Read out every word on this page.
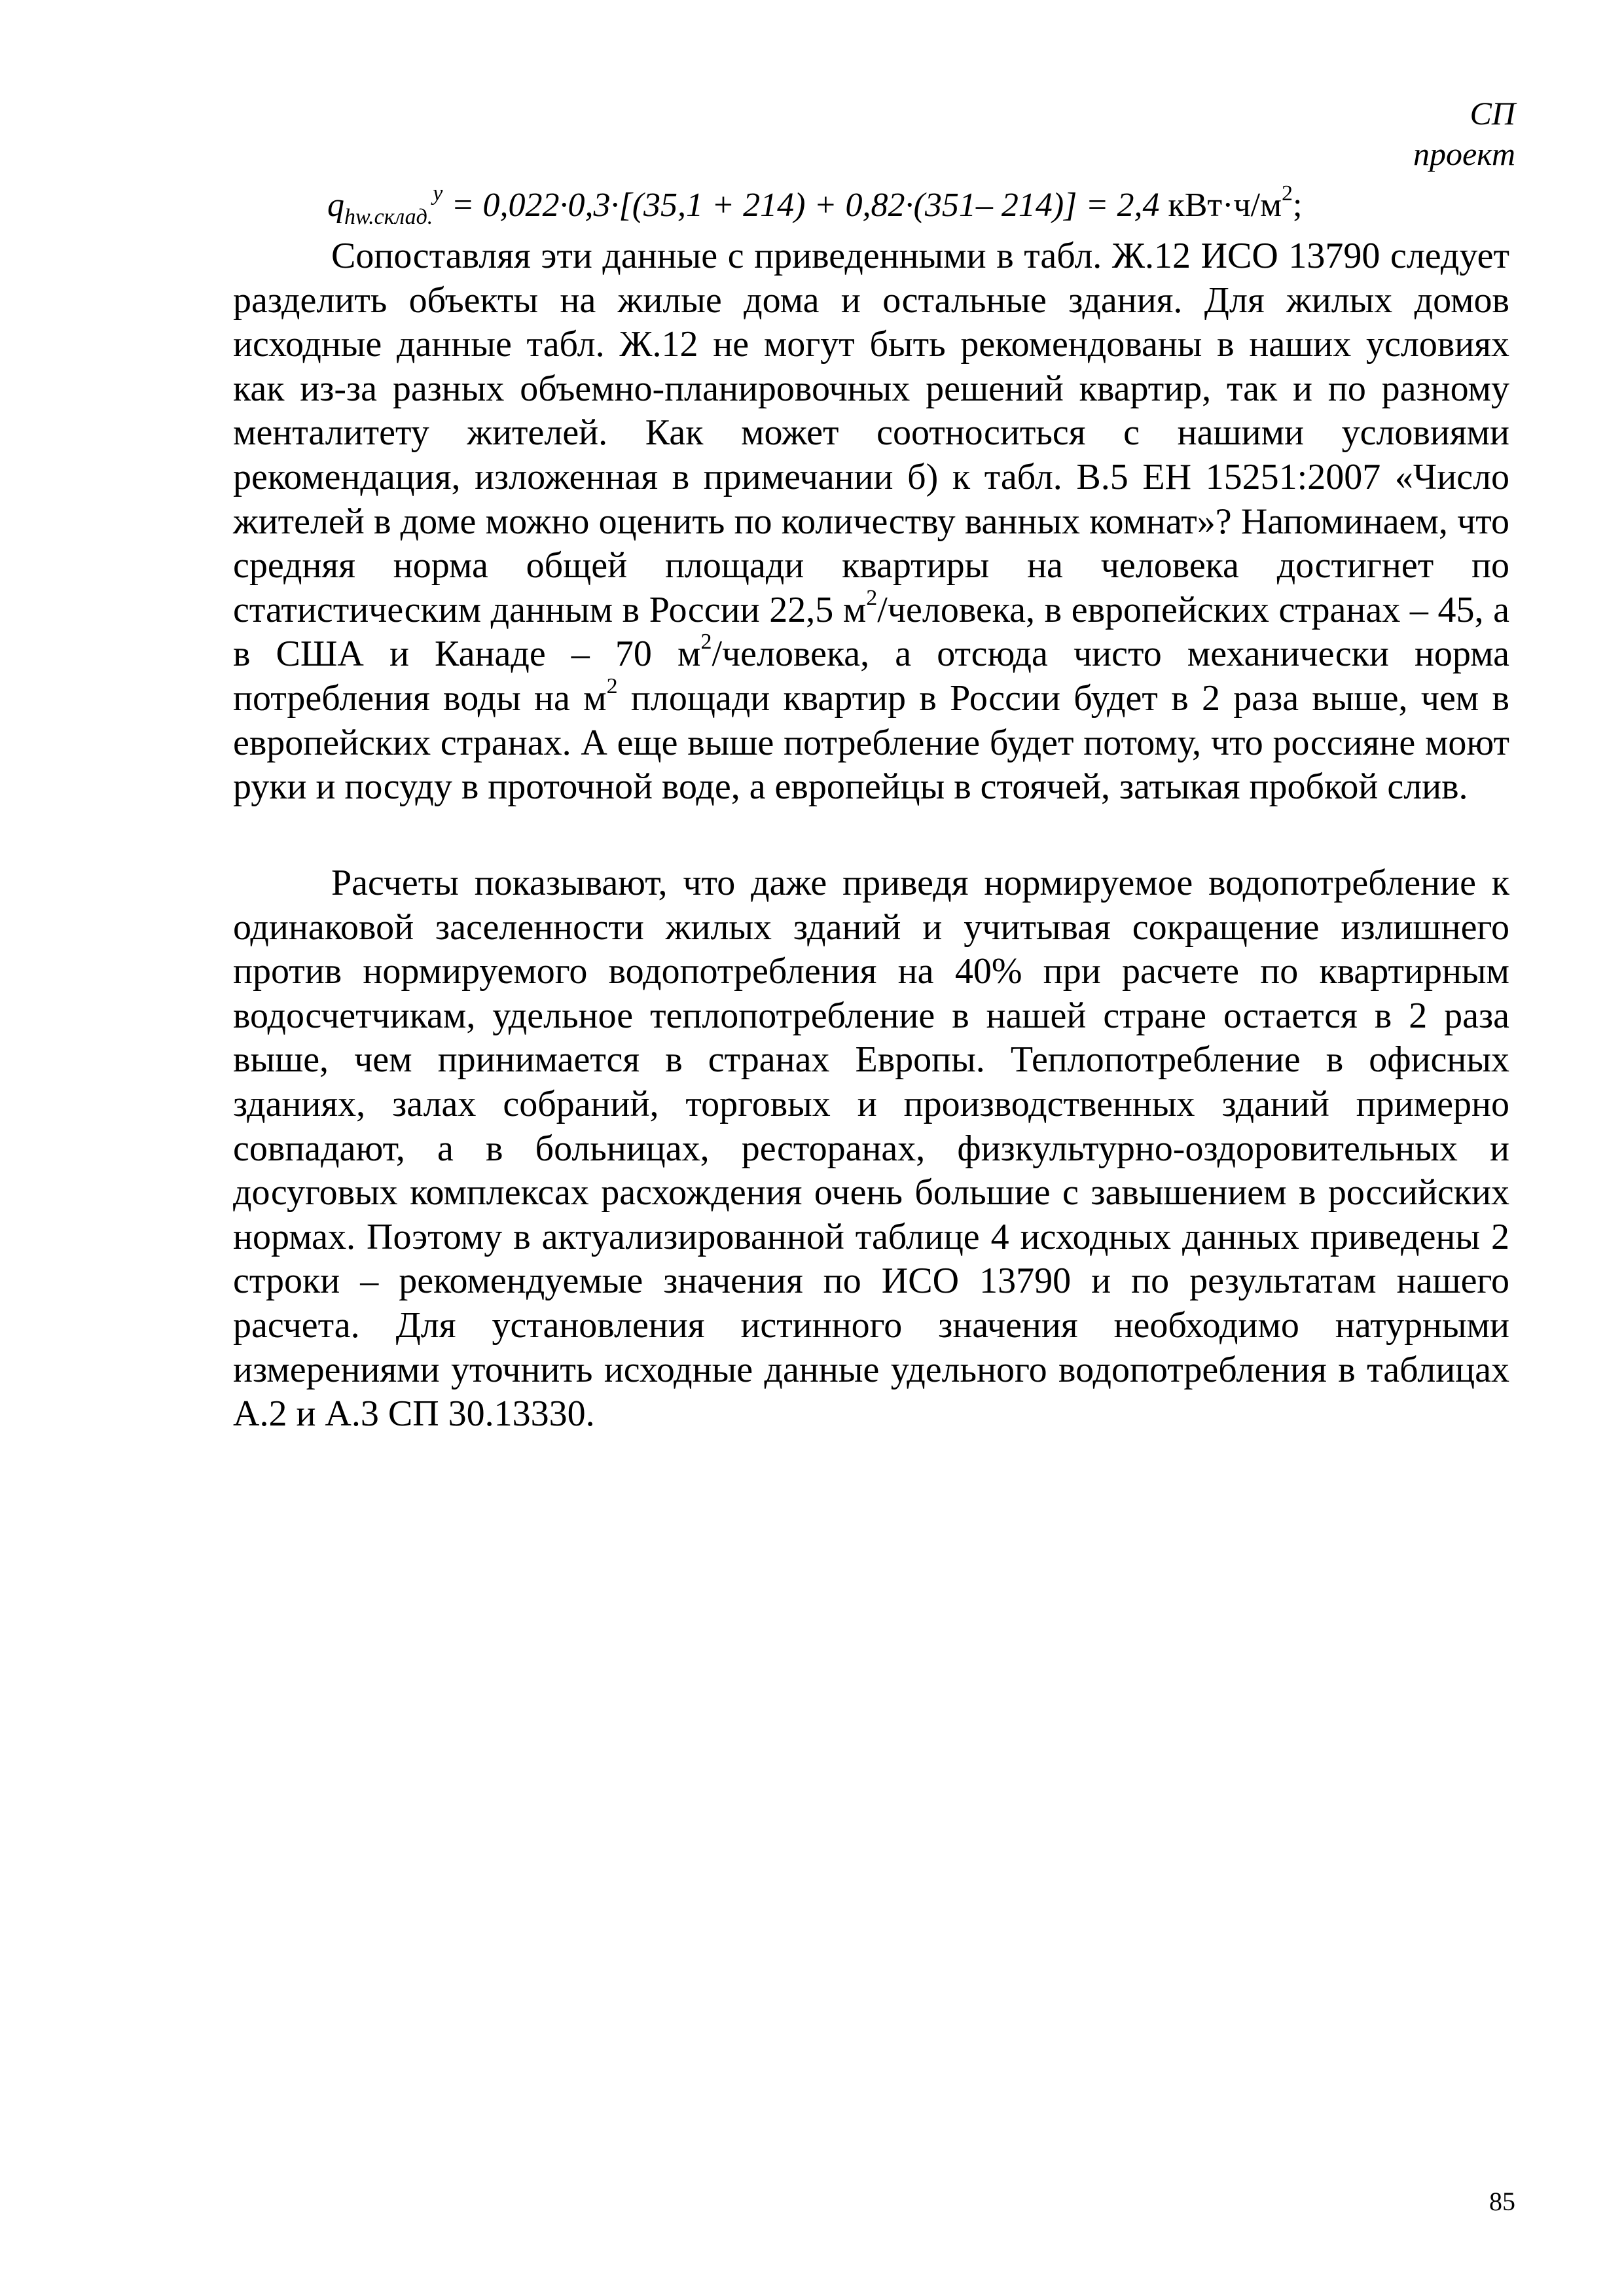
СП
проект
$q_{hw.склад.}^у = 0,022\cdot 0,3\cdot[(35,1 + 214) + 0,82\cdot(351-$ 214)] = 2,4 $кВт\cdot ч/м^2$;

Сопоставляя эти данные с приведенными в табл. Ж.12 ИСО 13790 следует разделить объекты на жилые дома и остальные здания. Для жилых домов исходные данные табл. Ж.12 не могут быть рекомендованы в наших условиях как из-за разных объемно-планировочных решений квартир, так и по разному менталитету жителей. Как может соотноситься с нашими условиями рекомендация, изложенная в примечании б) к табл. В.5 ЕН 15251:2007 «Число жителей в доме можно оценить по количеству ванных комнат»? Напоминаем, что средняя норма общей площади квартиры на человека достигнет по статистическим данным в России 22,5 $м^2$/человека, в европейских странах – 45, а в США и Канаде – 70 $м^2$/человека, а отсюда чисто механически норма потребления воды на $м^2$ площади квартир в России будет в 2 раза выше, чем в европейских странах. А еще выше потребление будет потому, что россияне моют руки и посуду в проточной воде, а европейцы в стоячей, затыкая пробкой слив.

Расчеты показывают, что даже приведя нормируемое водопотребление к одинаковой заселенности жилых зданий и учитывая сокращение излишнего против нормируемого водопотребления на 40% при расчете по квартирным водосчетчикам, удельное теплопотребление в нашей стране остается в 2 раза выше, чем принимается в странах Европы. Теплопотребление в офисных зданиях, залах собраний, торговых и производственных зданий примерно совпадают, а в больницах, ресторанах, физкультурно-оздоровительных и досуговых комплексах расхождения очень большие с завышением в российских нормах. Поэтому в актуализированной таблице 4 исходных данных приведены 2 строки – рекомендуемые значения по ИСО 13790 и по результатам нашего расчета. Для установления истинного значения необходимо натурными измерениями уточнить исходные данные удельного водопотребления в таблицах А.2 и А.3 СП 30.13330.

85
